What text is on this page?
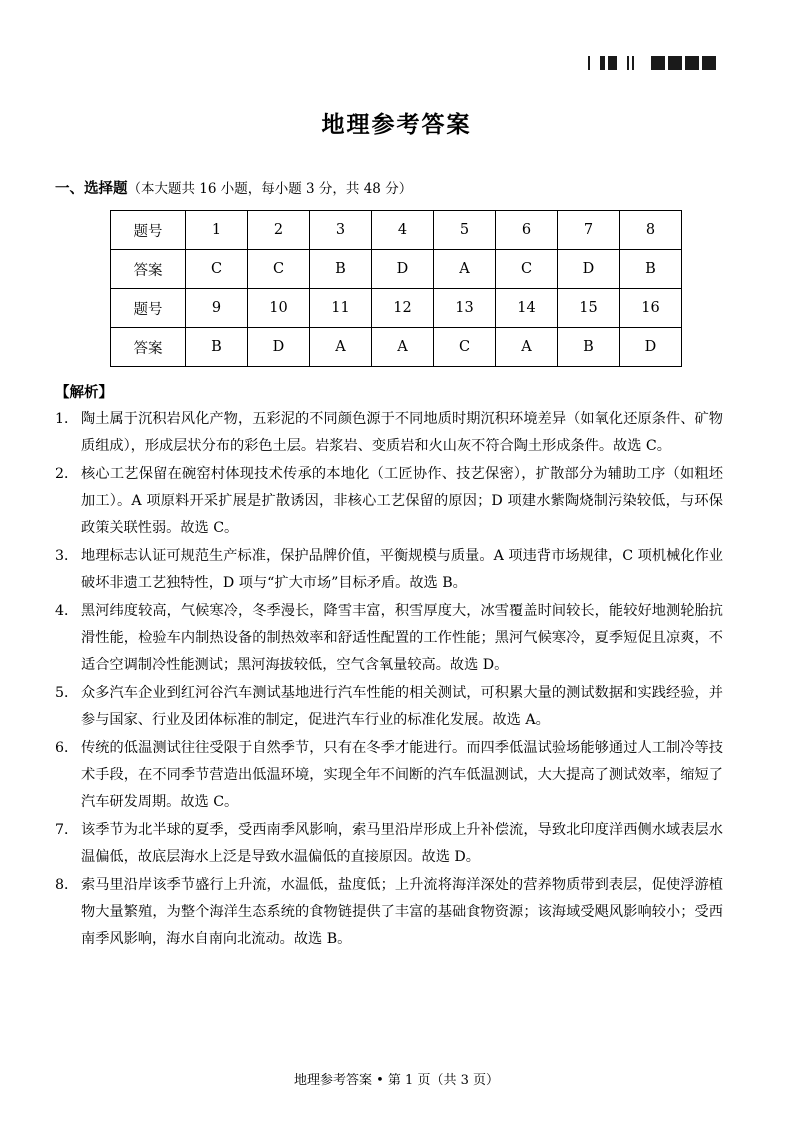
地理参考答案
一、选择题（本大题共 16 小题，每小题 3 分，共 48 分）
题号	1	2	3	4	5	6	7	8
答案	C	C	B	D	A	C	D	B
题号	9	10	11	12	13	14	15	16
答案	B	D	A	A	C	A	B	D
【解析】
1． 陶土属于沉积岩风化产物，五彩泥的不同颜色源于不同地质时期沉积环境差异（如氧化还原条件、矿物质组成），形成层状分布的彩色土层。岩浆岩、变质岩和火山灰不符合陶土形成条件。故选 C。
2． 核心工艺保留在碗窑村体现技术传承的本地化（工匠协作、技艺保密），扩散部分为辅助工序（如粗坯加工）。A 项原料开采扩展是扩散诱因，非核心工艺保留的原因；D 项建水紫陶烧制污染较低，与环保政策关联性弱。故选 C。
3． 地理标志认证可规范生产标准，保护品牌价值，平衡规模与质量。A 项违背市场规律，C 项机械化作业破坏非遗工艺独特性，D 项与“扩大市场”目标矛盾。故选 B。
4． 黑河纬度较高，气候寒冷，冬季漫长，降雪丰富，积雪厚度大，冰雪覆盖时间较长，能较好地测轮胎抗滑性能，检验车内制热设备的制热效率和舒适性配置的工作性能；黑河气候寒冷，夏季短促且凉爽，不适合空调制冷性能测试；黑河海拔较低，空气含氧量较高。故选 D。
5． 众多汽车企业到红河谷汽车测试基地进行汽车性能的相关测试，可积累大量的测试数据和实践经验，并参与国家、行业及团体标准的制定，促进汽车行业的标准化发展。故选 A。
6． 传统的低温测试往往受限于自然季节，只有在冬季才能进行。而四季低温试验场能够通过人工制冷等技术手段，在不同季节营造出低温环境，实现全年不间断的汽车低温测试，大大提高了测试效率，缩短了汽车研发周期。故选 C。
7． 该季节为北半球的夏季，受西南季风影响，索马里沿岸形成上升补偿流，导致北印度洋西侧水域表层水温偏低，故底层海水上泛是导致水温偏低的直接原因。故选 D。
8． 索马里沿岸该季节盛行上升流，水温低，盐度低；上升流将海洋深处的营养物质带到表层，促使浮游植物大量繁殖，为整个海洋生态系统的食物链提供了丰富的基础食物资源；该海域受飓风影响较小；受西南季风影响，海水自南向北流动。故选 B。
地理参考答案 • 第 1 页（共 3 页）
